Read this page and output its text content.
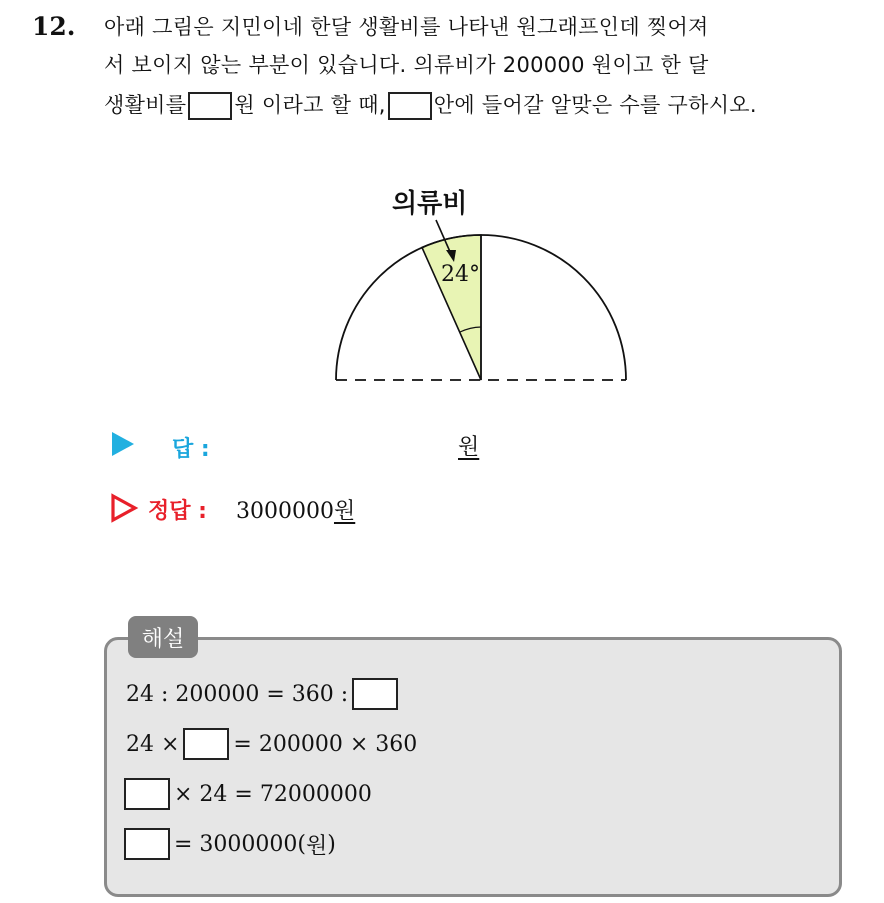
12. 아래 그림은 지민이네 한달 생활비를 나타낸 원그래프인데 찢어져
서 보이지 않는 부분이 있습니다. 의류비가 200000 원이고 한 달
생활비를 원 이라고 할 때, 안에 들어갈 알맞은 수를 구하시오.
의류비
24°
답 :	원
정답 : 3000000원
해설
24 : 200000 = 360 :
24 × = 200000 × 360
× 24 = 72000000
= 3000000( 원 )
